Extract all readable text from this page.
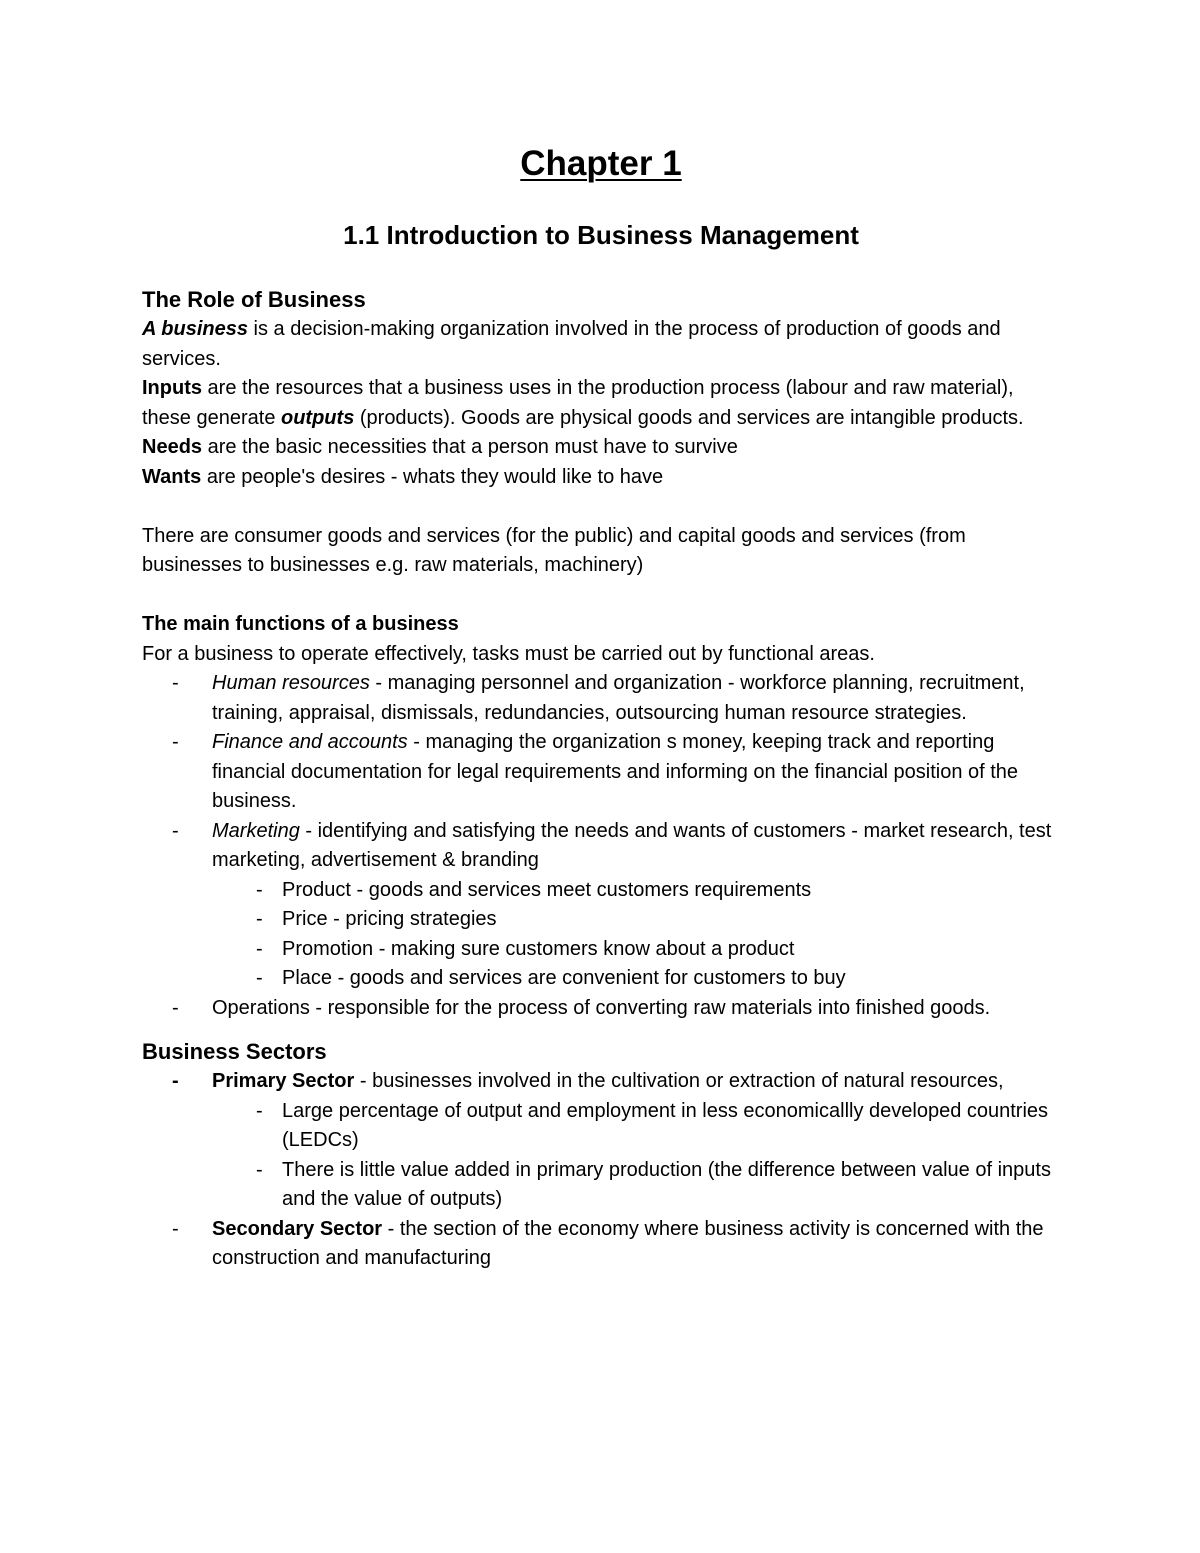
Chapter 1
1.1 Introduction to Business Management
The Role of Business

A business is a decision-making organization involved in the process of production of goods and services.

Inputs are the resources that a business uses in the production process (labour and raw material), these generate outputs (products). Goods are physical goods and services are intangible products.

Needs are the basic necessities that a person must have to survive

Wants are people's desires - whats they would like to have

There are consumer goods and services (for the public) and capital goods and services (from businesses to businesses e.g. raw materials, machinery)

The main functions of a business

For a business to operate effectively, tasks must be carried out by functional areas.

- Human resources - managing personnel and organization - workforce planning, recruitment, training, appraisal, dismissals, redundancies, outsourcing human resource strategies.
- Finance and accounts - managing the organization s money, keeping track and reporting financial documentation for legal requirements and informing on the financial position of the business.
- Marketing - identifying and satisfying the needs and wants of customers - market research, test marketing, advertisement & branding
- Product - goods and services meet customers requirements
- Price - pricing strategies
- Promotion - making sure customers know about a product
- Place - goods and services are convenient for customers to buy
- Operations - responsible for the process of converting raw materials into finished goods.
Business Sectors
- Primary Sector - businesses involved in the cultivation or extraction of natural resources,
- Large percentage of output and employment in less economicallly developed countries (LEDCs)
- There is little value added in primary production (the difference between value of inputs and the value of outputs)
- Secondary Sector - the section of the economy where business activity is concerned with the construction and manufacturing
